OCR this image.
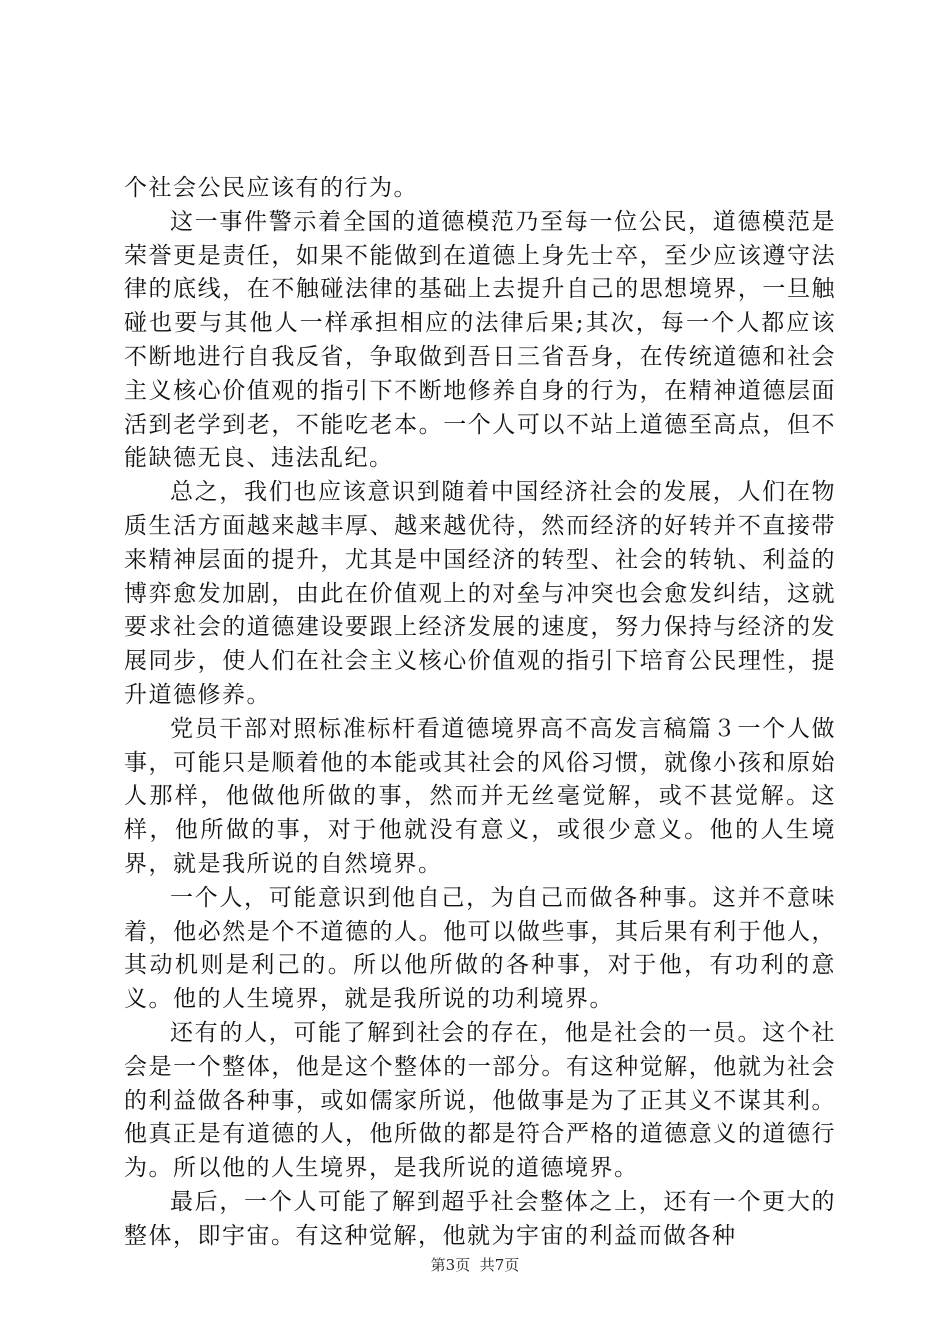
个社会公民应该有的行为。

这一事件警示着全国的道德模范乃至每一位公民，道德模范是荣誉更是责任，如果不能做到在道德上身先士卒，至少应该遵守法律的底线，在不触碰法律的基础上去提升自己的思想境界，一旦触碰也要与其他人一样承担相应的法律后果;其次，每一个人都应该不断地进行自我反省，争取做到吾日三省吾身，在传统道德和社会主义核心价值观的指引下不断地修养自身的行为，在精神道德层面活到老学到老，不能吃老本。一个人可以不站上道德至高点，但不能缺德无良、违法乱纪。

总之，我们也应该意识到随着中国经济社会的发展，人们在物质生活方面越来越丰厚、越来越优待，然而经济的好转并不直接带来精神层面的提升，尤其是中国经济的转型、社会的转轨、利益的博弈愈发加剧，由此在价值观上的对垒与冲突也会愈发纠结，这就要求社会的道德建设要跟上经济发展的速度，努力保持与经济的发展同步，使人们在社会主义核心价值观的指引下培育公民理性，提升道德修养。

党员干部对照标准标杆看道德境界高不高发言稿篇３一个人做事，可能只是顺着他的本能或其社会的风俗习惯，就像小孩和原始人那样，他做他所做的事，然而并无丝毫觉解，或不甚觉解。这样，他所做的事，对于他就没有意义，或很少意义。他的人生境界，就是我所说的自然境界。

一个人，可能意识到他自己，为自己而做各种事。这并不意味着，他必然是个不道德的人。他可以做些事，其后果有利于他人，其动机则是利己的。所以他所做的各种事，对于他，有功利的意义。他的人生境界，就是我所说的功利境界。

还有的人，可能了解到社会的存在，他是社会的一员。这个社会是一个整体，他是这个整体的一部分。有这种觉解，他就为社会的利益做各种事，或如儒家所说，他做事是为了正其义不谋其利。他真正是有道德的人，他所做的都是符合严格的道德意义的道德行为。所以他的人生境界，是我所说的道德境界。

最后，一个人可能了解到超乎社会整体之上，还有一个更大的整体，即宇宙。有这种觉解，他就为宇宙的利益而做各种

第3页 共7页
